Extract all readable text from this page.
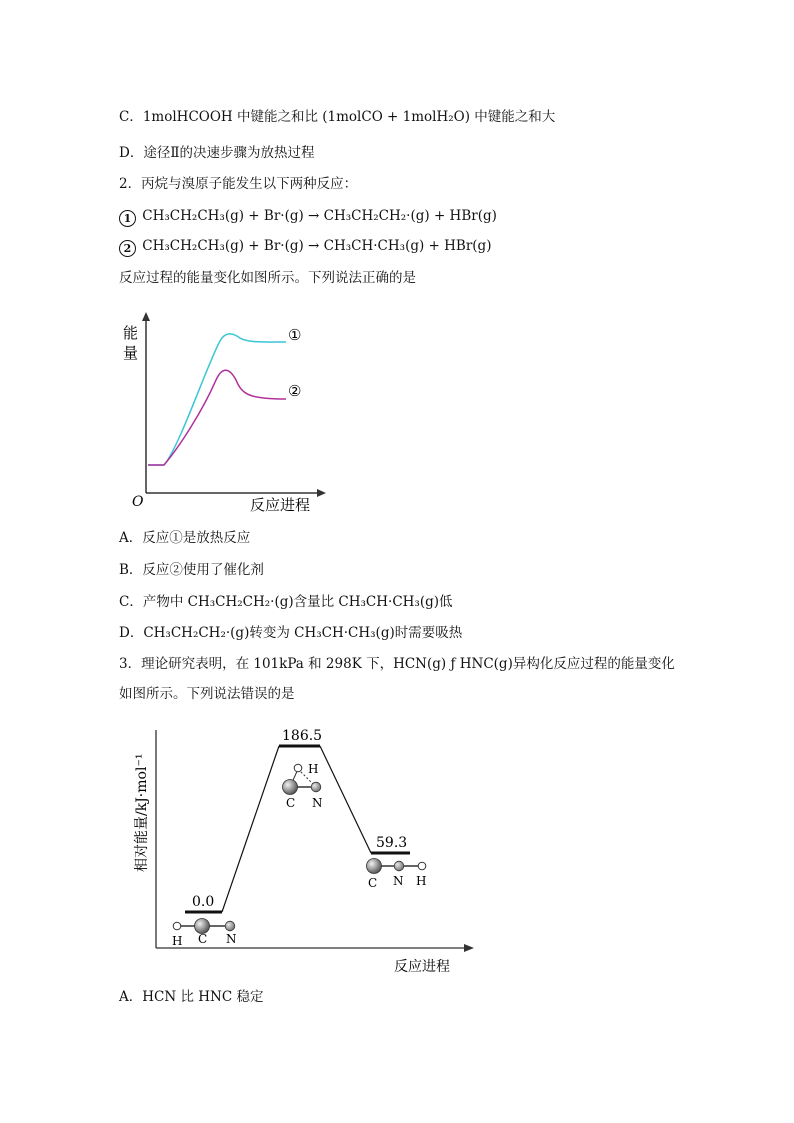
C．1molHCOOH 中键能之和比 (1molCO + 1molH₂O) 中键能之和大
D．途径Ⅱ的决速步骤为放热过程
2．丙烷与溴原子能发生以下两种反应：
1 CH₃CH₂CH₃(g) + Br·(g) → CH₃CH₂CH₂·(g) + HBr(g)
2 CH₃CH₂CH₃(g) + Br·(g) → CH₃CH·CH₃(g) + HBr(g)
反应过程的能量变化如图所示。下列说法正确的是
能
量
O	反应进程
①
②
A．反应①是放热反应
B．反应②使用了催化剂
C．产物中 CH₃CH₂CH₂·(g)含量比 CH₃CH·CH₃(g)低
D．CH₃CH₂CH₂·(g)转变为 CH₃CH·CH₃(g)时需要吸热
3．理论研究表明，在 101kPa 和 298K 下，HCN(g) ƒ HNC(g)异构化反应过程的能量变化
如图所示。下列说法错误的是
相对能量/kJ·mol⁻¹
反应进程
0.0
186.5
59.3
H C N
H
C N
C N H
A．HCN 比 HNC 稳定
